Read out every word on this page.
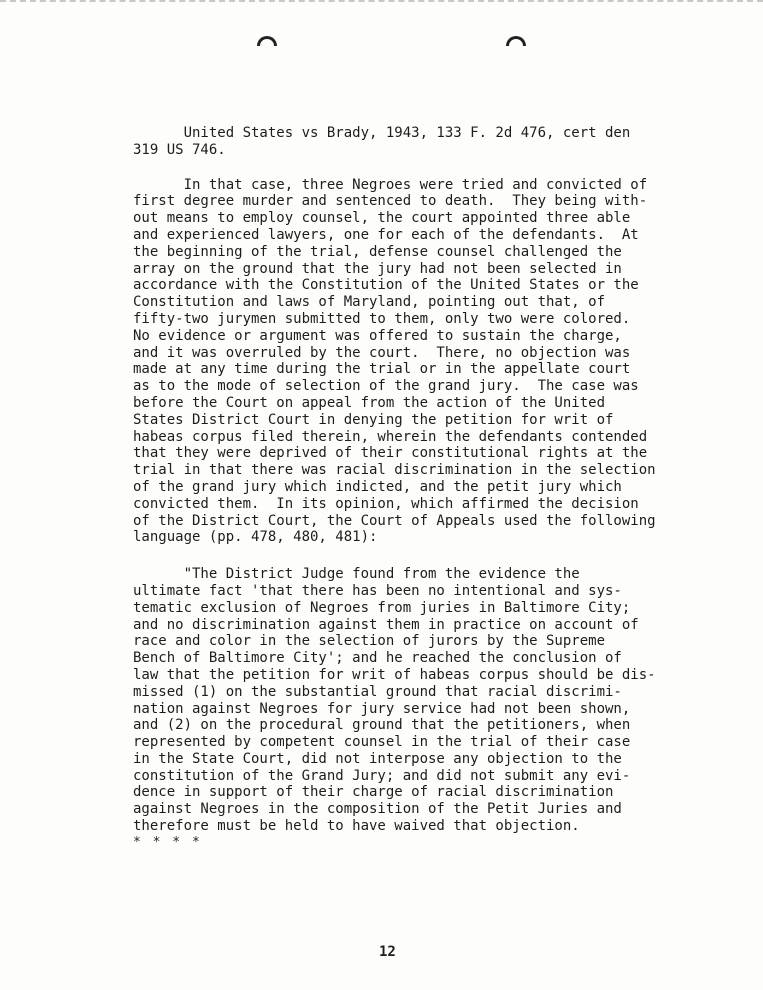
United States vs Brady, 1943, 133 F. 2d 476, cert den
319 US 746.
In that case, three Negroes were tried and convicted of
first degree murder and sentenced to death.  They being with-
out means to employ counsel, the court appointed three able
and experienced lawyers, one for each of the defendants.  At
the beginning of the trial, defense counsel challenged the
array on the ground that the jury had not been selected in
accordance with the Constitution of the United States or the
Constitution and laws of Maryland, pointing out that, of
fifty-two jurymen submitted to them, only two were colored.
No evidence or argument was offered to sustain the charge,
and it was overruled by the court.  There, no objection was
made at any time during the trial or in the appellate court
as to the mode of selection of the grand jury.  The case was
before the Court on appeal from the action of the United
States District Court in denying the petition for writ of
habeas corpus filed therein, wherein the defendants contended
that they were deprived of their constitutional rights at the
trial in that there was racial discrimination in the selection
of the grand jury which indicted, and the petit jury which
convicted them.  In its opinion, which affirmed the decision
of the District Court, the Court of Appeals used the following
language (pp. 478, 480, 481):
"The District Judge found from the evidence the
ultimate fact 'that there has been no intentional and sys-
tematic exclusion of Negroes from juries in Baltimore City;
and no discrimination against them in practice on account of
race and color in the selection of jurors by the Supreme
Bench of Baltimore City'; and he reached the conclusion of
law that the petition for writ of habeas corpus should be dis-
missed (1) on the substantial ground that racial discrimi-
nation against Negroes for jury service had not been shown,
and (2) on the procedural ground that the petitioners, when
represented by competent counsel in the trial of their case
in the State Court, did not interpose any objection to the
constitution of the Grand Jury; and did not submit any evi-
dence in support of their charge of racial discrimination
against Negroes in the composition of the Petit Juries and
therefore must be held to have waived that objection.
* * * *
12
